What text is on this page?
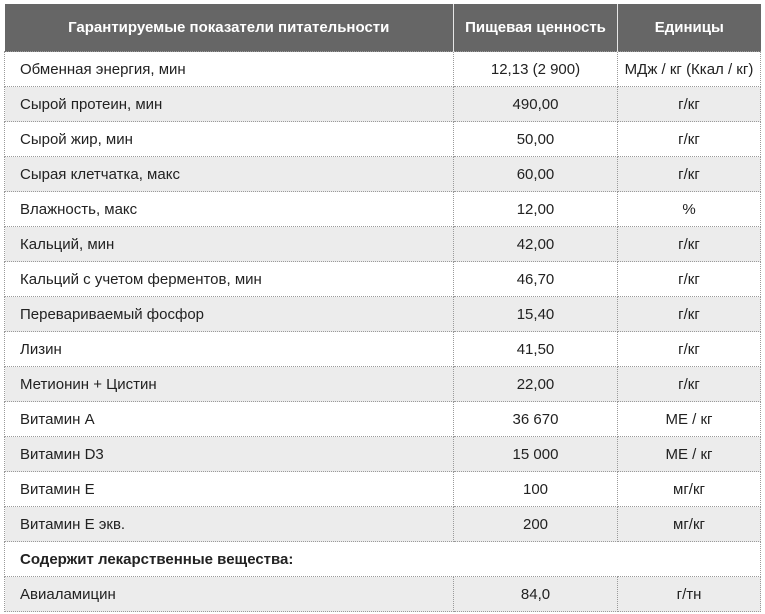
Гарантируемые показатели питательности	Пищевая ценность	Единицы
Обменная энергия, мин	12,13 (2 900)	МДж / кг (Ккал / кг)
Сырой протеин, мин	490,00	г/кг
Сырой жир, мин	50,00	г/кг
Сырая клетчатка, макс	60,00	г/кг
Влажность, макс	12,00	%
Кальций, мин	42,00	г/кг
Кальций с учетом ферментов, мин	46,70	г/кг
Перевариваемый фосфор	15,40	г/кг
Лизин	41,50	г/кг
Метионин + Цистин	22,00	г/кг
Витамин А	36 670	МЕ / кг
Витамин D3	15 000	МЕ / кг
Витамин Е	100	мг/кг
Витамин Е экв.	200	мг/кг
Содержит лекарственные вещества:		
Авиаламицин	84,0	г/тн
